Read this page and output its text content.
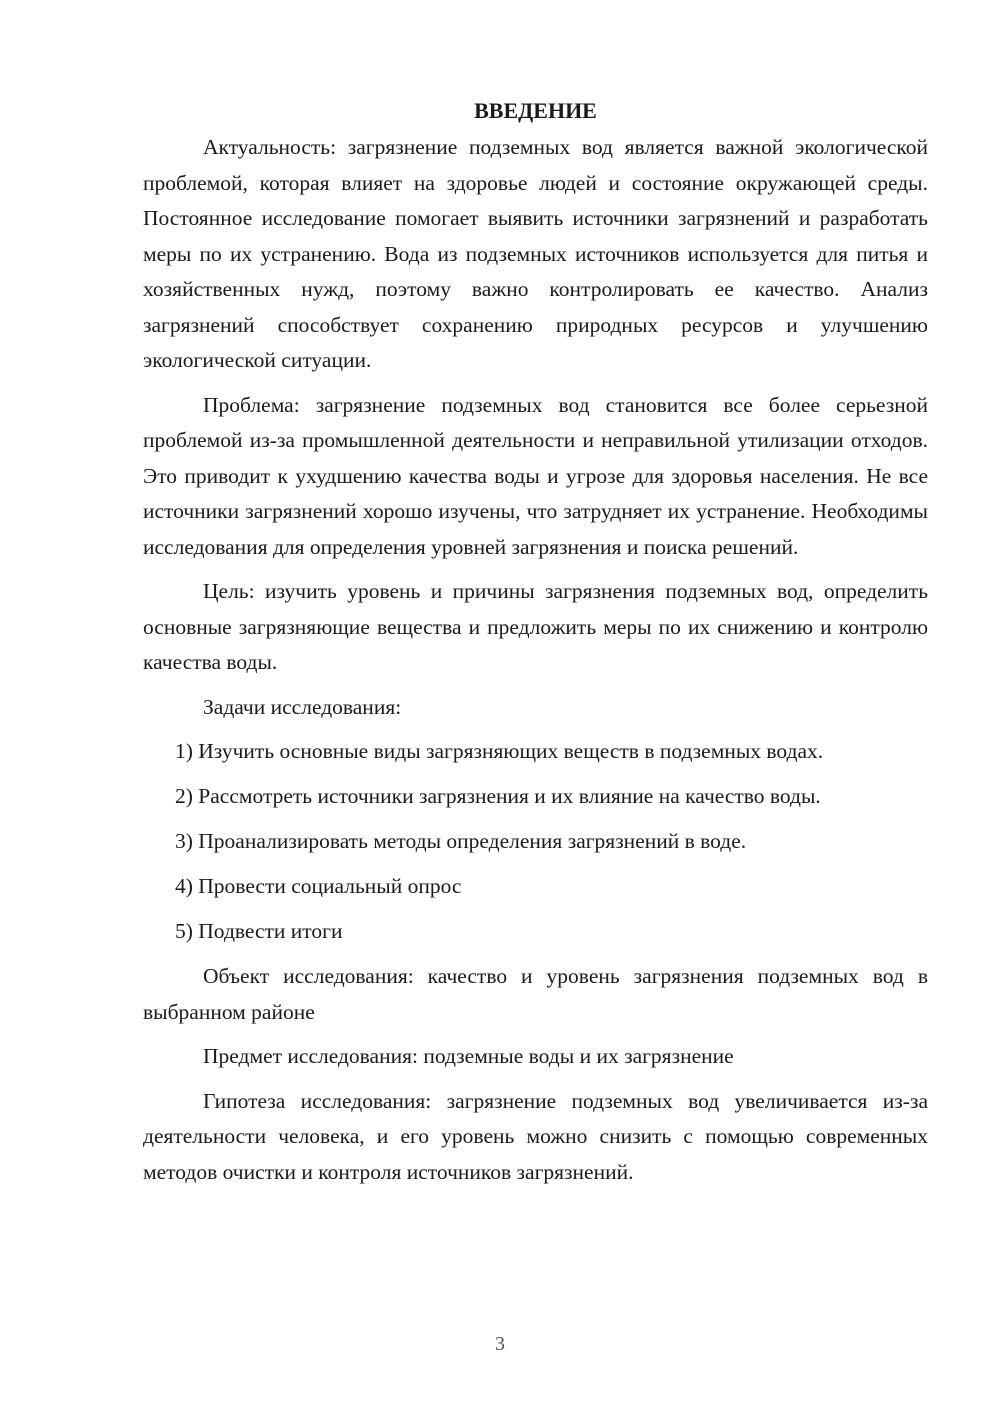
ВВЕДЕНИЕ

Актуальность: загрязнение подземных вод является важной экологической проблемой, которая влияет на здоровье людей и состояние окружающей среды. Постоянное исследование помогает выявить источники загрязнений и разработать меры по их устранению. Вода из подземных источников используется для питья и хозяйственных нужд, поэтому важно контролировать ее качество. Анализ загрязнений способствует сохранению природных ресурсов и улучшению экологической ситуации.

Проблема: загрязнение подземных вод становится все более серьезной проблемой из-за промышленной деятельности и неправильной утилизации отходов. Это приводит к ухудшению качества воды и угрозе для здоровья населения. Не все источники загрязнений хорошо изучены, что затрудняет их устранение. Необходимы исследования для определения уровней загрязнения и поиска решений.

Цель: изучить уровень и причины загрязнения подземных вод, определить основные загрязняющие вещества и предложить меры по их снижению и контролю качества воды.

Задачи исследования:

1) Изучить основные виды загрязняющих веществ в подземных водах.
2) Рассмотреть источники загрязнения и их влияние на качество воды.
3) Проанализировать методы определения загрязнений в воде.
4) Провести социальный опрос
5) Подвести итоги

Объект исследования: качество и уровень загрязнения подземных вод в выбранном районе

Предмет исследования: подземные воды и их загрязнение

Гипотеза исследования: загрязнение подземных вод увеличивается из-за деятельности человека, и его уровень можно снизить с помощью современных методов очистки и контроля источников загрязнений.

3
